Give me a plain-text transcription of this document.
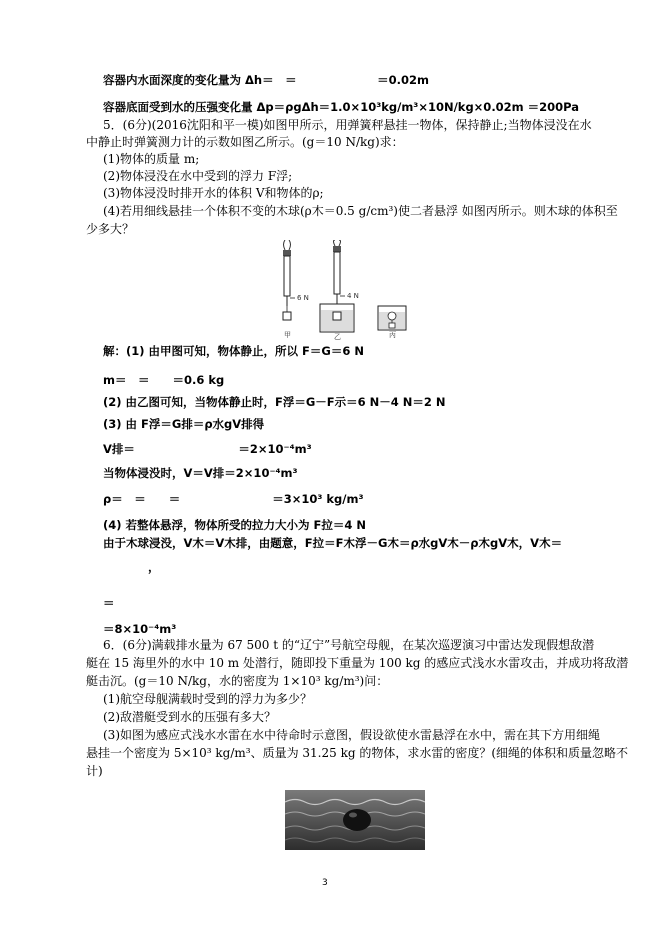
容器内水面深度的变化量为 Δh＝　＝　　　　　　　＝0.02m
容器底面受到水的压强变化量 Δp＝ρgΔh＝1.0×10³kg/m³×10N/kg×0.02m ＝200Pa
5．(6分)(2016沈阳和平一模)如图甲所示，用弹簧秤悬挂一物体，保持静止;当物体浸没在水
中静止时弹簧测力计的示数如图乙所示。(g＝10 N/kg)求：
(1)物体的质量 m;
(2)物体浸没在水中受到的浮力 F浮;
(3)物体浸没时排开水的体积 V和物体的ρ;
(4)若用细线悬挂一个体积不变的木球(ρ木＝0.5 g/cm³)使二者悬浮 如图丙所示。则木球的体积至
少多大？
6 N	4 N
甲	乙	丙
解：(1) 由甲图可知，物体静止，所以 F＝G＝6 N
m＝　＝　　＝0.6 kg
(2) 由乙图可知，当物体静止时，F浮＝G－F示＝6 N－4 N＝2 N
(3) 由 F浮＝G排＝ρ水gV排得
V排＝　　　　　　　　　＝2×10⁻⁴m³
当物体浸没时，V＝V排＝2×10⁻⁴m³
ρ＝　＝　　＝　　　　　　　　＝3×10³ kg/m³
(4) 若整体悬浮，物体所受的拉力大小为 F拉＝4 N
由于木球浸没，V木＝V木排，由题意，F拉＝F木浮－G木＝ρ水gV木－ρ木gV木，V木＝
，
＝
＝8×10⁻⁴m³
6．(6分)满载排水量为 67 500 t 的“辽宁”号航空母舰，在某次巡逻演习中雷达发现假想敌潜
艇在 15 海里外的水中 10 m 处潜行，随即投下重量为 100 kg 的感应式浅水水雷攻击，并成功将敌潜
艇击沉。(g＝10 N/kg，水的密度为 1×10³ kg/m³)问：
(1)航空母舰满载时受到的浮力为多少？
(2)敌潜艇受到水的压强有多大？
(3)如图为感应式浅水水雷在水中待命时示意图，假设欲使水雷悬浮在水中，需在其下方用细绳
悬挂一个密度为 5×10³ kg/m³、质量为 31.25 kg 的物体，求水雷的密度？(细绳的体积和质量忽略不
计)
3
